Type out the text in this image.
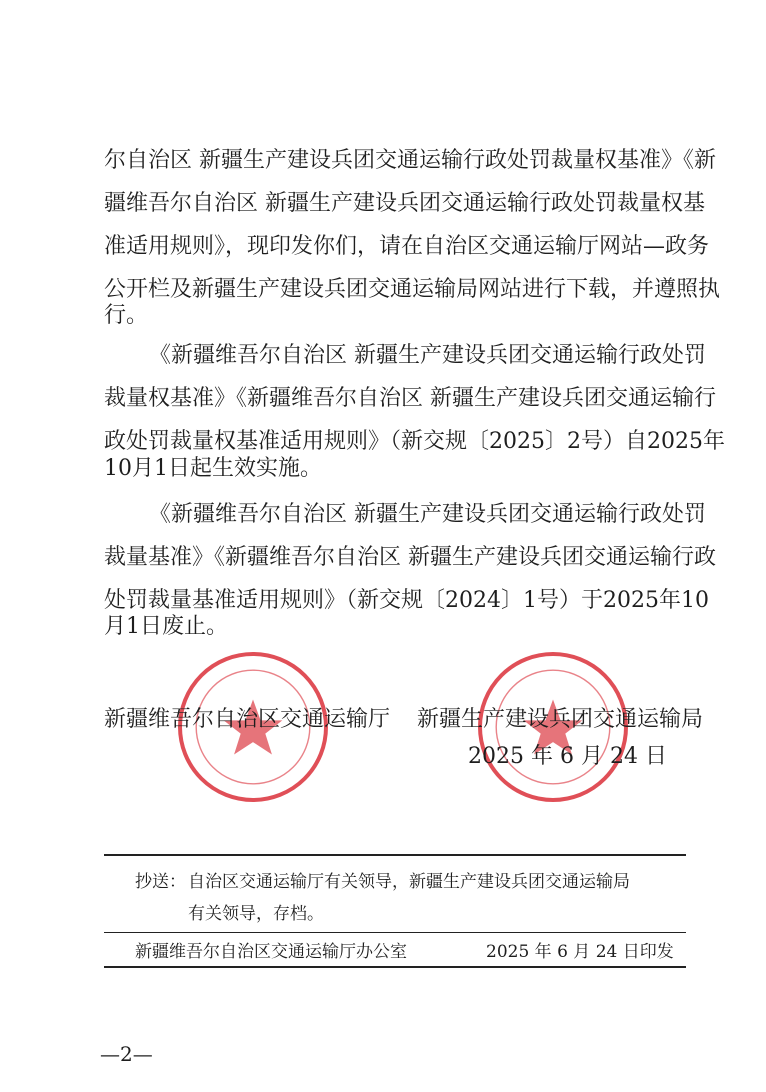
尔自治区 新疆生产建设兵团交通运输行政处罚裁量权基准》《新
疆维吾尔自治区 新疆生产建设兵团交通运输行政处罚裁量权基
准适用规则》，现印发你们，请在自治区交通运输厅网站—政务
公开栏及新疆生产建设兵团交通运输局网站进行下载，并遵照执
行。
《新疆维吾尔自治区 新疆生产建设兵团交通运输行政处罚
裁量权基准》《新疆维吾尔自治区 新疆生产建设兵团交通运输行
政处罚裁量权基准适用规则》（新交规〔2025〕2号）自2025年
10月1日起生效实施。
《新疆维吾尔自治区 新疆生产建设兵团交通运输行政处罚
裁量基准》《新疆维吾尔自治区 新疆生产建设兵团交通运输行政
处罚裁量基准适用规则》（新交规〔2024〕1号）于2025年10
月1日废止。
新疆维吾尔自治区交通运输厅 新疆生产建设兵团交通运输局
2025 年 6 月 24 日
抄送： 自治区交通运输厅有关领导，新疆生产建设兵团交通运输局
有关领导，存档。
新疆维吾尔自治区交通运输厅办公室	2025 年 6 月 24 日印发
—2—
